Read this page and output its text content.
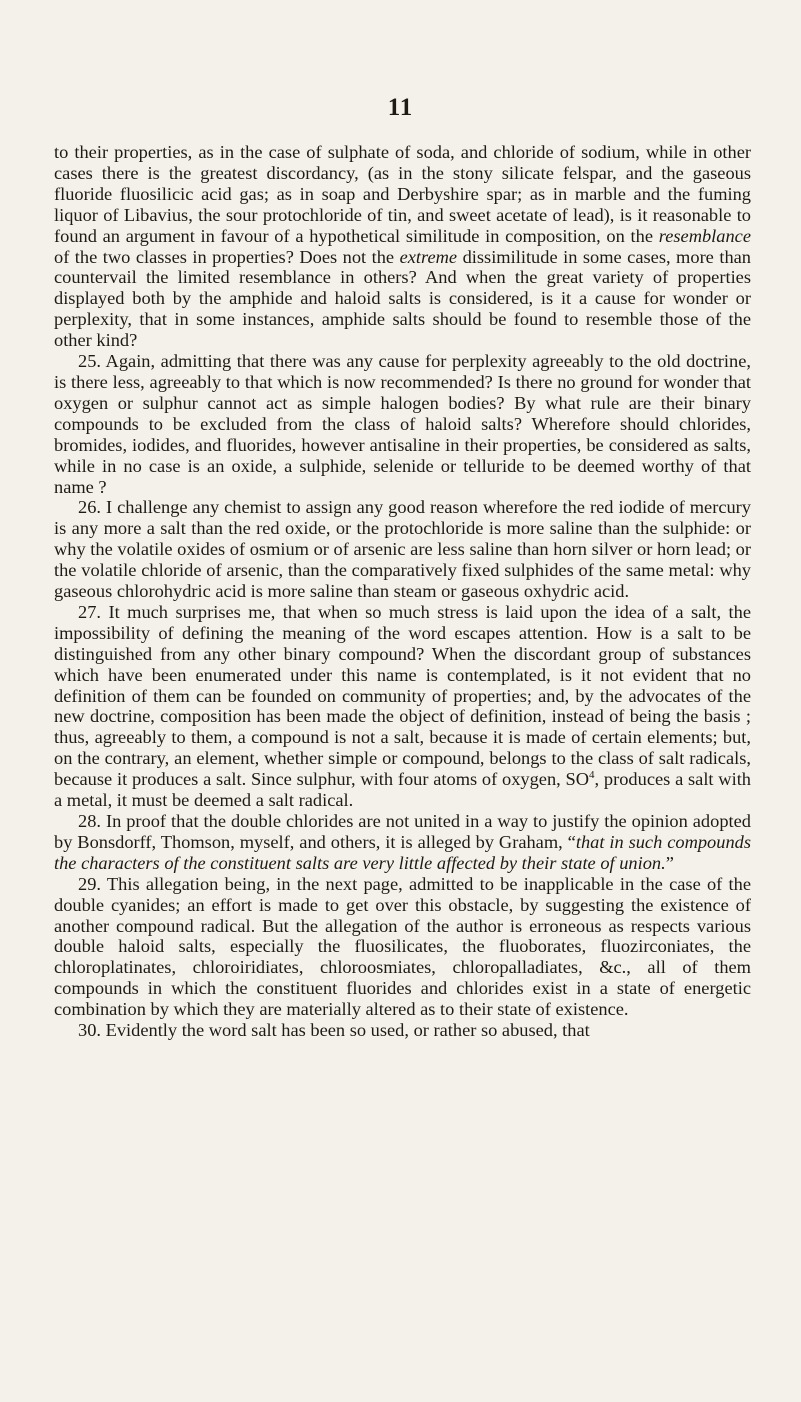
11

to their properties, as in the case of sulphate of soda, and chloride of sodium, while in other cases there is the greatest discordancy, (as in the stony silicate felspar, and the gaseous fluoride fluosilicic acid gas; as in soap and Derbyshire spar; as in marble and the fuming liquor of Libavius, the sour protochloride of tin, and sweet acetate of lead), is it reasonable to found an argument in favour of a hypothetical similitude in composition, on the resemblance of the two classes in properties? Does not the extreme dissimilitude in some cases, more than countervail the limited resemblance in others? And when the great variety of properties displayed both by the amphide and haloid salts is considered, is it a cause for wonder or perplexity, that in some instances, amphide salts should be found to resemble those of the other kind?

25. Again, admitting that there was any cause for perplexity agreeably to the old doctrine, is there less, agreeably to that which is now recommended? Is there no ground for wonder that oxygen or sulphur cannot act as simple halogen bodies? By what rule are their binary compounds to be excluded from the class of haloid salts? Wherefore should chlorides, bromides, iodides, and fluorides, however antisaline in their properties, be considered as salts, while in no case is an oxide, a sulphide, selenide or telluride to be deemed worthy of that name ?

26. I challenge any chemist to assign any good reason wherefore the red iodide of mercury is any more a salt than the red oxide, or the protochloride is more saline than the sulphide: or why the volatile oxides of osmium or of arsenic are less saline than horn silver or horn lead; or the volatile chloride of arsenic, than the comparatively fixed sulphides of the same metal: why gaseous chlorohydric acid is more saline than steam or gaseous oxhydric acid.

27. It much surprises me, that when so much stress is laid upon the idea of a salt, the impossibility of defining the meaning of the word escapes attention. How is a salt to be distinguished from any other binary compound? When the discordant group of substances which have been enumerated under this name is contemplated, is it not evident that no definition of them can be founded on community of properties; and, by the advocates of the new doctrine, composition has been made the object of definition, instead of being the basis ; thus, agreeably to them, a compound is not a salt, because it is made of certain elements; but, on the contrary, an element, whether simple or compound, belongs to the class of salt radicals, because it produces a salt. Since sulphur, with four atoms of oxygen, $SO^4$, produces a salt with a metal, it must be deemed a salt radical.

28. In proof that the double chlorides are not united in a way to justify the opinion adopted by Bonsdorff, Thomson, myself, and others, it is alleged by Graham, “that in such compounds the characters of the constituent salts are very little affected by their state of union.”

29. This allegation being, in the next page, admitted to be inapplicable in the case of the double cyanides; an effort is made to get over this obstacle, by suggesting the existence of another compound radical. But the allegation of the author is erroneous as respects various double haloid salts, especially the fluosilicates, the fluoborates, fluozirconiates, the chloroplatinates, chloroiridiates, chloroosmiates, chloropalladiates, &c., all of them compounds in which the constituent fluorides and chlorides exist in a state of energetic combination by which they are materially altered as to their state of existence.

30. Evidently the word salt has been so used, or rather so abused, that
